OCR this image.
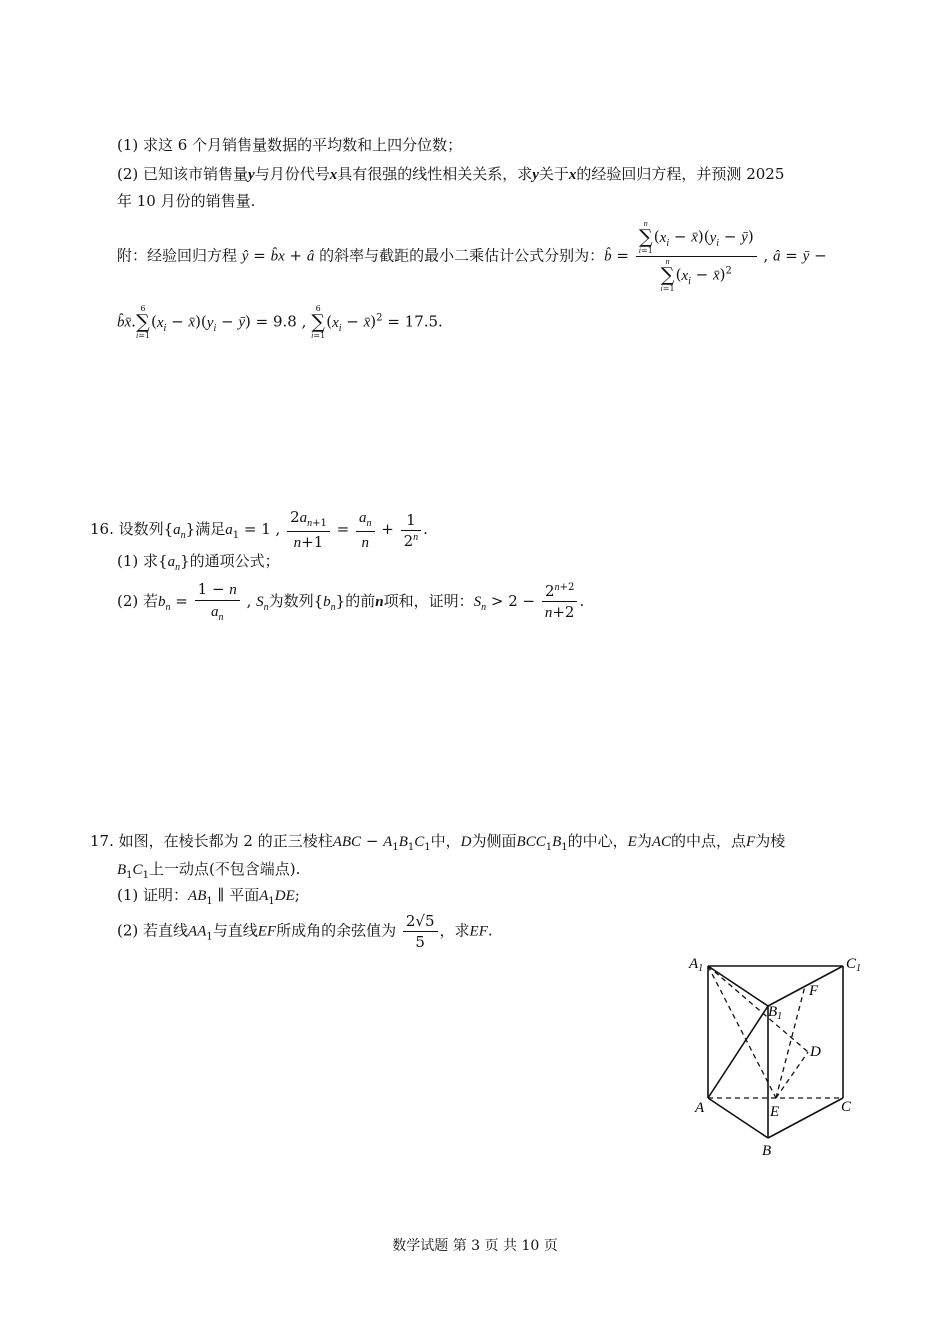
(1) 求这 6 个月销售量数据的平均数和上四分位数；
(2) 已知该市销售量y与月份代号x具有很强的线性相关关系，求y关于x的经验回归方程，并预测 2025
年 10 月份的销售量.
附：经验回归方程 ŷ = b̂x + â 的斜率与截距的最小二乘估计公式分别为：b̂ = n
∑
i=1
($x_i$ − $x̄)(y_i$ − ȳ)
n
∑
i=1
($x_i$ − x̄)$^2$ , â = ȳ −
b̂x̄.
6
∑
i=1
($x_i$ − $x̄)(y_i$ − ȳ) = 9.8 ,
6
∑
i=1
($x_i$ − x̄)$^2$ = 17.5.
16. 设数列$\{a_n\}$满足$a_1 = 1$ , $\frac{2a_{n+1}}{n+1} = \frac{a_n}{n} + \frac{1}{2^n}$ .
(1) 求$\{a_n\}$的通项公式；
(2) 若$b_n = \frac{1 - n}{a_n}$ , $S_n$为数列$\{b_n\}$的前n项和，证明：$S_n > 2 - \frac{2^{n+2}}{n+2}$ .
17. 如图，在棱长都为 2 的正三棱柱ABC − $A_1B_1C_1$中，D为侧面$BCC_1B_1$的中心，E为AC的中点，点F为棱
$B_1C_1$上一动点(不包含端点).
(1) 证明：$AB_1$ ∥ 平面$A_1DE$;
(2) 若直线$AA_1$与直线EF所成角的余弦值为 $\frac{2√5}{5}$ ，求EF.
$A_1$	$C_1$
$B_1$
F
D
A	E	C
B
数学试题 第 3 页 共 10 页
